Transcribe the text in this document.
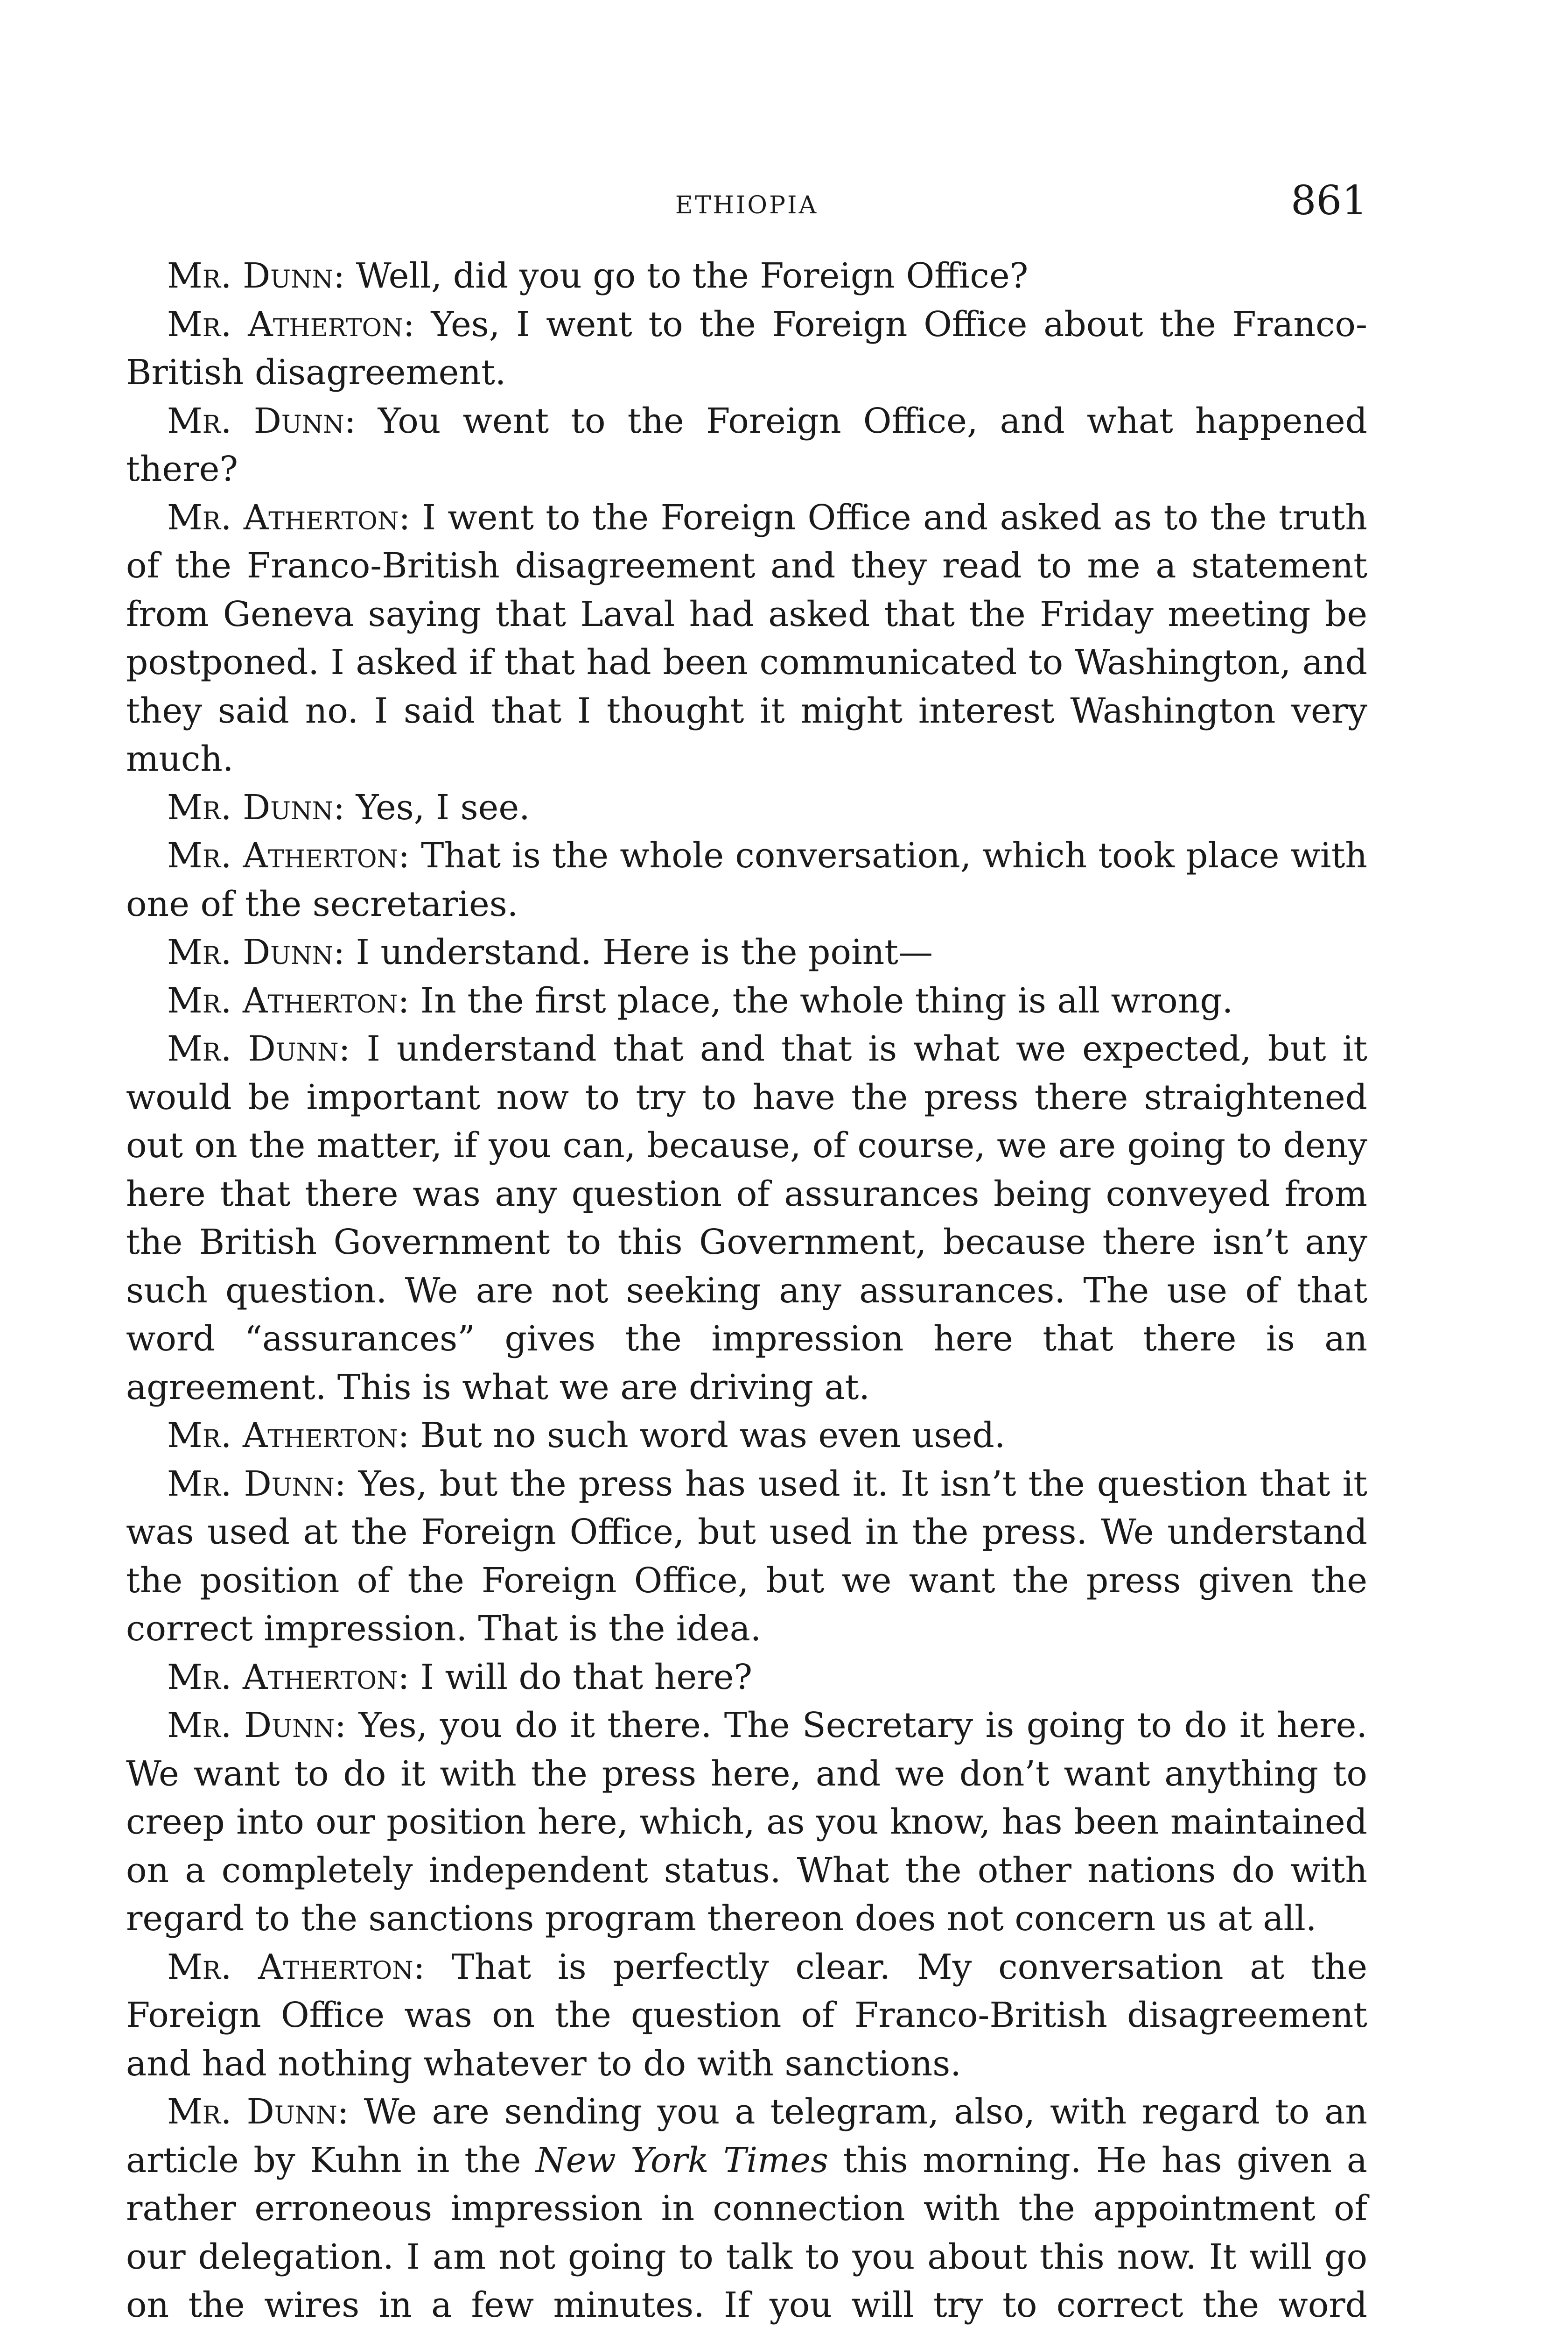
ETHIOPIA	861

Mr. Dunn: Well, did you go to the Foreign Office?

Mr. Atherton: Yes, I went to the Foreign Office about the Franco-British disagreement.

Mr. Dunn: You went to the Foreign Office, and what happened there?

Mr. Atherton: I went to the Foreign Office and asked as to the truth of the Franco-British disagreement and they read to me a statement from Geneva saying that Laval had asked that the Friday meeting be postponed. I asked if that had been communicated to Washington, and they said no. I said that I thought it might interest Washington very much.

Mr. Dunn: Yes, I see.

Mr. Atherton: That is the whole conversation, which took place with one of the secretaries.

Mr. Dunn: I understand. Here is the point—

Mr. Atherton: In the first place, the whole thing is all wrong.

Mr. Dunn: I understand that and that is what we expected, but it would be important now to try to have the press there straightened out on the matter, if you can, because, of course, we are going to deny here that there was any question of assurances being conveyed from the British Government to this Government, because there isn’t any such question. We are not seeking any assurances. The use of that word “assurances” gives the impression here that there is an agreement. This is what we are driving at.

Mr. Atherton: But no such word was even used.

Mr. Dunn: Yes, but the press has used it. It isn’t the question that it was used at the Foreign Office, but used in the press. We understand the position of the Foreign Office, but we want the press given the correct impression. That is the idea.

Mr. Atherton: I will do that here?

Mr. Dunn: Yes, you do it there. The Secretary is going to do it here. We want to do it with the press here, and we don’t want anything to creep into our position here, which, as you know, has been maintained on a completely independent status. What the other nations do with regard to the sanctions program thereon does not concern us at all.

Mr. Atherton: That is perfectly clear. My conversation at the Foreign Office was on the question of Franco-British disagreement and had nothing whatever to do with sanctions.

Mr. Dunn: We are sending you a telegram, also, with regard to an article by Kuhn in the New York Times this morning. He has given a rather erroneous impression in connection with the appointment of our delegation. I am not going to talk to you about this now. It will go on the wires in a few minutes. If you will try to correct the word
